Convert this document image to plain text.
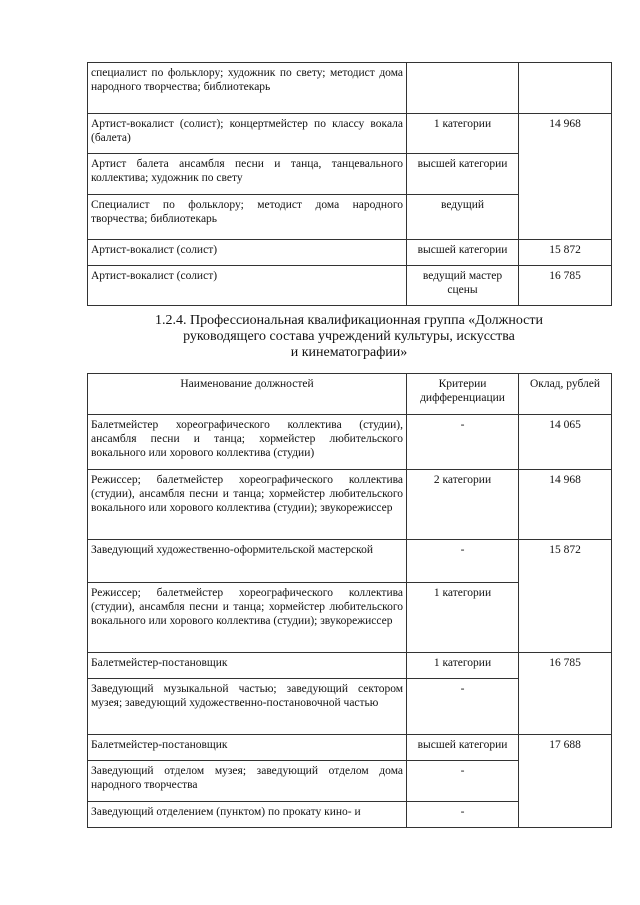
специалист по фольклору; художник по свету; методист дома народного творчества; библиотекарь		
Артист-вокалист (солист); концертмейстер по классу вокала (балета)	1 категории	14 968
Артист балета ансамбля песни и танца, танцевального коллектива; художник по свету	высшей категории	
Специалист по фольклору; методист дома народного творчества; библиотекарь	ведущий	
Артист-вокалист (солист)	высшей категории	15 872
Артист-вокалист (солист)	ведущий мастер сцены	16 785
1.2.4. Профессиональная квалификационная группа «Должности
руководящего состава учреждений культуры, искусства
и кинематографии»
Наименование должностей	Критерии дифференциации	Оклад, рублей
Балетмейстер хореографического коллектива (студии), ансамбля песни и танца; хормейстер любительского вокального или хорового коллектива (студии)	-	14 065
Режиссер; балетмейстер хореографического коллектива (студии), ансамбля песни и танца; хормейстер любительского вокального или хорового коллектива (студии); звукорежиссер	2 категории	14 968
Заведующий художественно-оформительской мастерской	-	15 872
Режиссер; балетмейстер хореографического коллектива (студии), ансамбля песни и танца; хормейстер любительского вокального или хорового коллектива (студии); звукорежиссер	1 категории	
Балетмейстер-постановщик	1 категории	16 785
Заведующий музыкальной частью; заведующий сектором музея; заведующий художественно-постановочной частью	-	
Балетмейстер-постановщик	высшей категории	17 688
Заведующий отделом музея; заведующий отделом дома народного творчества	-	
Заведующий отделением (пунктом) по прокату кино- и	-	
